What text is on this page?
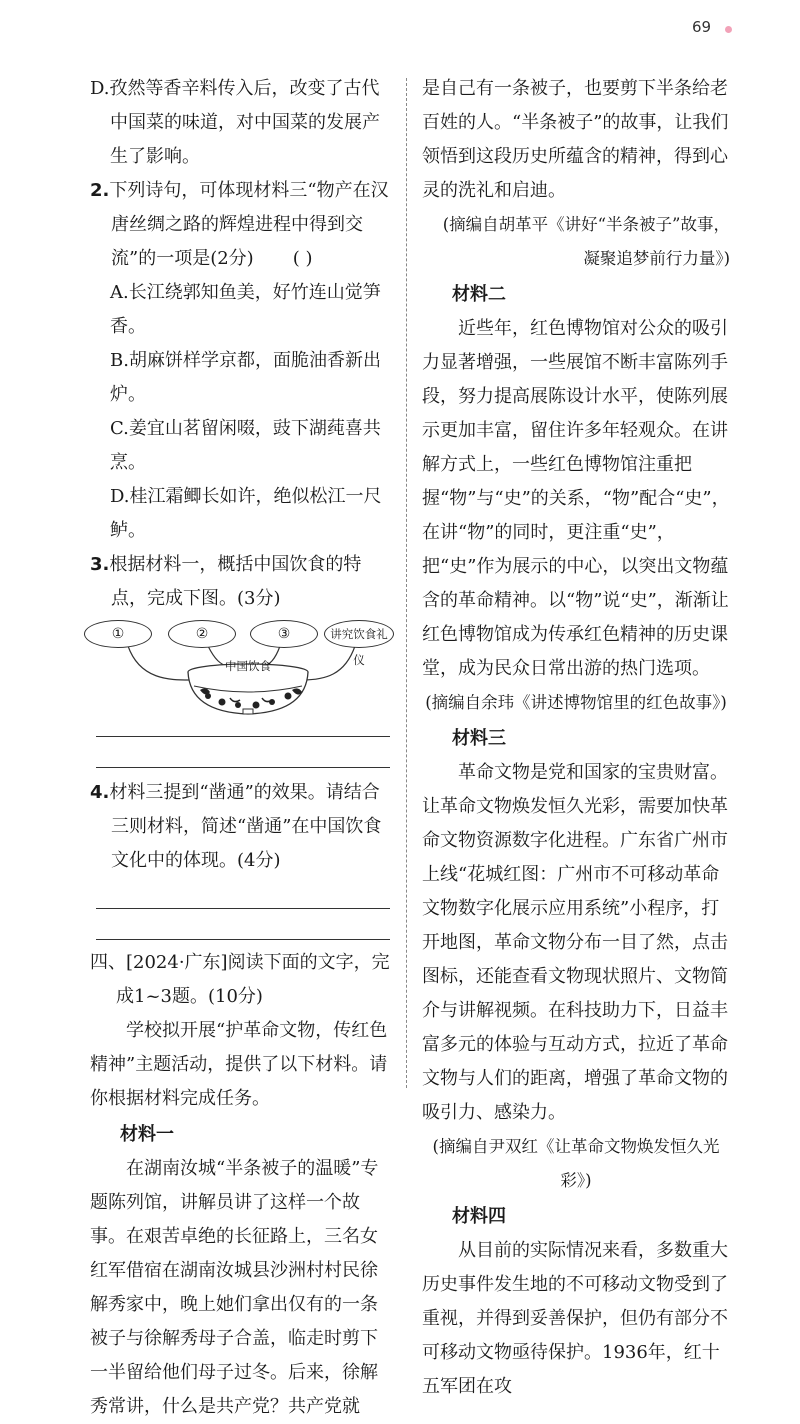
69

D.孜然等香辛料传入后，改变了古代中国菜的味道，对中国菜的发展产生了影响。

2.下列诗句，可体现材料三“物产在汉唐丝绸之路的辉煌进程中得到交流”的一项是(2分) ( )

A.长江绕郭知鱼美，好竹连山觉笋香。

B.胡麻饼样学京都，面脆油香新出炉。

C.姜宜山茗留闲啜，豉下湖莼喜共烹。

D.桂江霜鲫长如许，绝似松江一尺鲈。

3.根据材料一，概括中国饮食的特点，完成下图。(3分)

中国饮食
①	②	③	讲究饮食礼仪

4.材料三提到“凿通”的效果。请结合三则材料，简述“凿通”在中国饮食文化中的体现。(4分)

四、[2024·广东]阅读下面的文字，完成1~3题。(10分)

学校拟开展“护革命文物，传红色精神”主题活动，提供了以下材料。请你根据材料完成任务。

材料一

在湖南汝城“半条被子的温暖”专题陈列馆，讲解员讲了这样一个故事。在艰苦卓绝的长征路上，三名女红军借宿在湖南汝城县沙洲村村民徐解秀家中，晚上她们拿出仅有的一条被子与徐解秀母子合盖，临走时剪下一半留给他们母子过冬。后来，徐解秀常讲，什么是共产党？共产党就

是自己有一条被子，也要剪下半条给老百姓的人。“半条被子”的故事，让我们领悟到这段历史所蕴含的精神，得到心灵的洗礼和启迪。

(摘编自胡革平《讲好“半条被子”故事，

凝聚追梦前行力量》)

材料二

近些年，红色博物馆对公众的吸引力显著增强，一些展馆不断丰富陈列手段，努力提高展陈设计水平，使陈列展示更加丰富，留住许多年轻观众。在讲解方式上，一些红色博物馆注重把握“物”与“史”的关系，“物”配合“史”，在讲“物”的同时，更注重“史”，把“史”作为展示的中心，以突出文物蕴含的革命精神。以“物”说“史”，渐渐让红色博物馆成为传承红色精神的历史课堂，成为民众日常出游的热门选项。

(摘编自余玮《讲述博物馆里的红色故事》)

材料三

革命文物是党和国家的宝贵财富。让革命文物焕发恒久光彩，需要加快革命文物资源数字化进程。广东省广州市上线“花城红图：广州市不可移动革命文物数字化展示应用系统”小程序，打开地图，革命文物分布一目了然，点击图标，还能查看文物现状照片、文物简介与讲解视频。在科技助力下，日益丰富多元的体验与互动方式，拉近了革命文物与人们的距离，增强了革命文物的吸引力、感染力。

(摘编自尹双红《让革命文物焕发恒久光彩》)

材料四

从目前的实际情况来看，多数重大历史事件发生地的不可移动文物受到了重视，并得到妥善保护，但仍有部分不可移动文物亟待保护。1936年，红十五军团在攻
